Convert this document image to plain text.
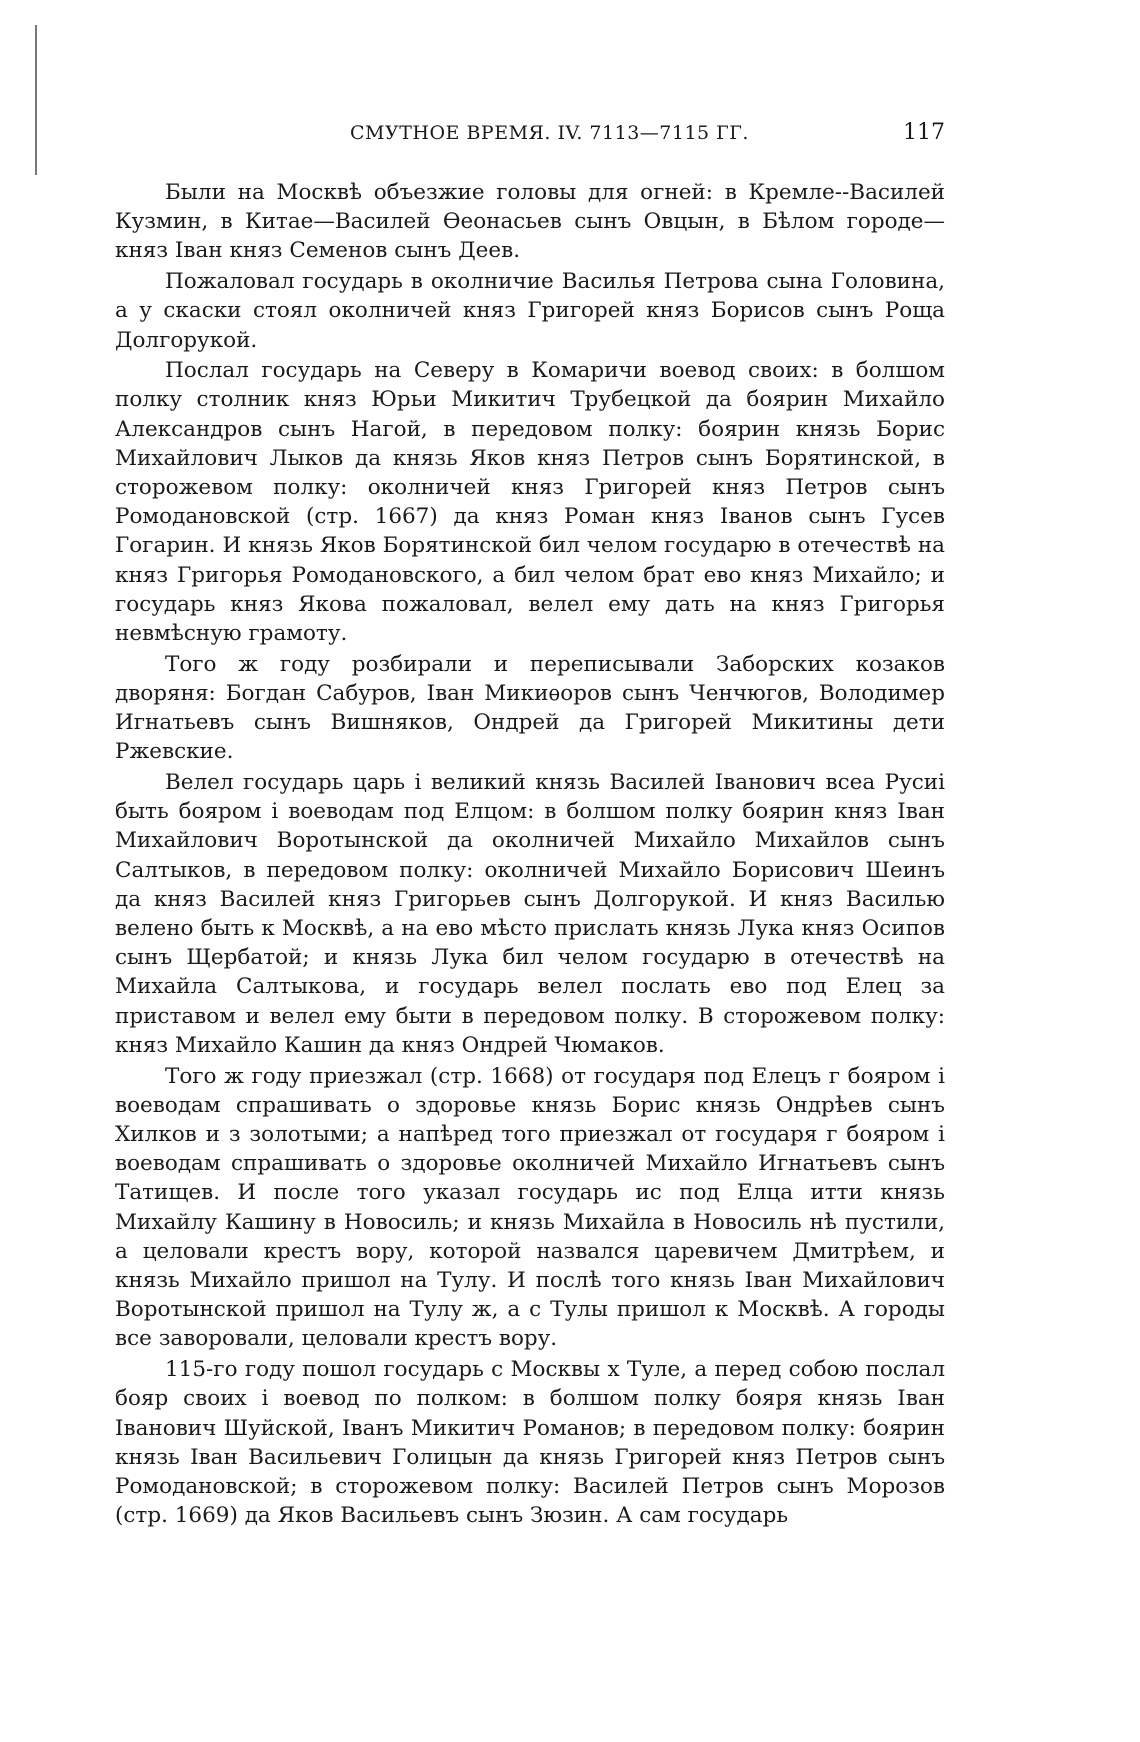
СМУТНОЕ ВРЕМЯ. IV. 7113—7115 ГГ.	117

Были на Москвѣ объезжие головы для огней: в Кремле--Василей Кузмин, в Китае—Василей Өеонасьев сынъ Овцын, в Бѣлом городе—княз Іван княз Семенов сынъ Деев.

Пожаловал государь в околничие Василья Петрова сына Головина, а у скаски стоял околничей княз Григорей княз Борисов сынъ Роща Долгорукой.

Послал государь на Северу в Комаричи воевод своих: в болшом полку столник княз Юрьи Микитич Трубецкой да боярин Михайло Александров сынъ Нагой, в передовом полку: боярин князь Борис Михайлович Лыков да князь Яков княз Петров сынъ Борятинской, в сторожевом полку: околничей княз Григорей княз Петров сынъ Ромодановской (стр. 1667) да княз Роман княз Іванов сынъ Гусев Гогарин. И князь Яков Борятинской бил челом государю в отечествѣ на княз Григорья Ромодановского, а бил челом брат ево княз Михайло; и государь княз Якова пожаловал, велел ему дать на княз Григорья невмѣсную грамоту.

Того ж году розбирали и переписывали Заборских козаков дворяня: Богдан Сабуров, Іван Микиѳоров сынъ Ченчюгов, Володимер Игнатьевъ сынъ Вишняков, Ондрей да Григорей Микитины дети Ржевские.

Велел государь царь і великий князь Василей Іванович всеа Русиі быть бояром і воеводам под Елцом: в болшом полку боярин княз Іван Михайлович Воротынской да околничей Михайло Михайлов сынъ Салтыков, в передовом полку: околничей Михайло Борисович Шеинъ да княз Василей княз Григорьев сынъ Долгорукой. И княз Василью велено быть к Москвѣ, а на ево мѣсто прислать князь Лука княз Осипов сынъ Щербатой; и князь Лука бил челом государю в отечествѣ на Михайла Салтыкова, и государь велел послать ево под Елец за приставом и велел ему быти в передовом полку. В сторожевом полку: княз Михайло Кашин да княз Ондрей Чюмаков.

Того ж году приезжал (стр. 1668) от государя под Елецъ г бояром і воеводам спрашивать о здоровье князь Борис князь Ондрѣев сынъ Хилков и з золотыми; а напѣред того приезжал от государя г бояром і воеводам спрашивать о здоровье околничей Михайло Игнатьевъ сынъ Татищев. И после того указал государь ис под Елца итти князь Михайлу Кашину в Новосиль; и князь Михайла в Новосиль нѣ пустили, а целовали крестъ вору, которой назвался царевичем Дмитрѣем, и князь Михайло пришол на Тулу. И послѣ того князь Іван Михайлович Воротынской пришол на Тулу ж, а с Тулы пришол к Москвѣ. А городы все заворовали, целовали крестъ вору.

115-го году пошол государь с Москвы х Туле, а перед собою послал бояр своих і воевод по полком: в болшом полку бояря князь Іван Іванович Шуйской, Іванъ Микитич Романов; в передовом полку: боярин князь Іван Васильевич Голицын да князь Григорей княз Петров сынъ Ромодановской; в сторожевом полку: Василей Петров сынъ Морозов (стр. 1669) да Яков Васильевъ сынъ Зюзин. А сам государь
